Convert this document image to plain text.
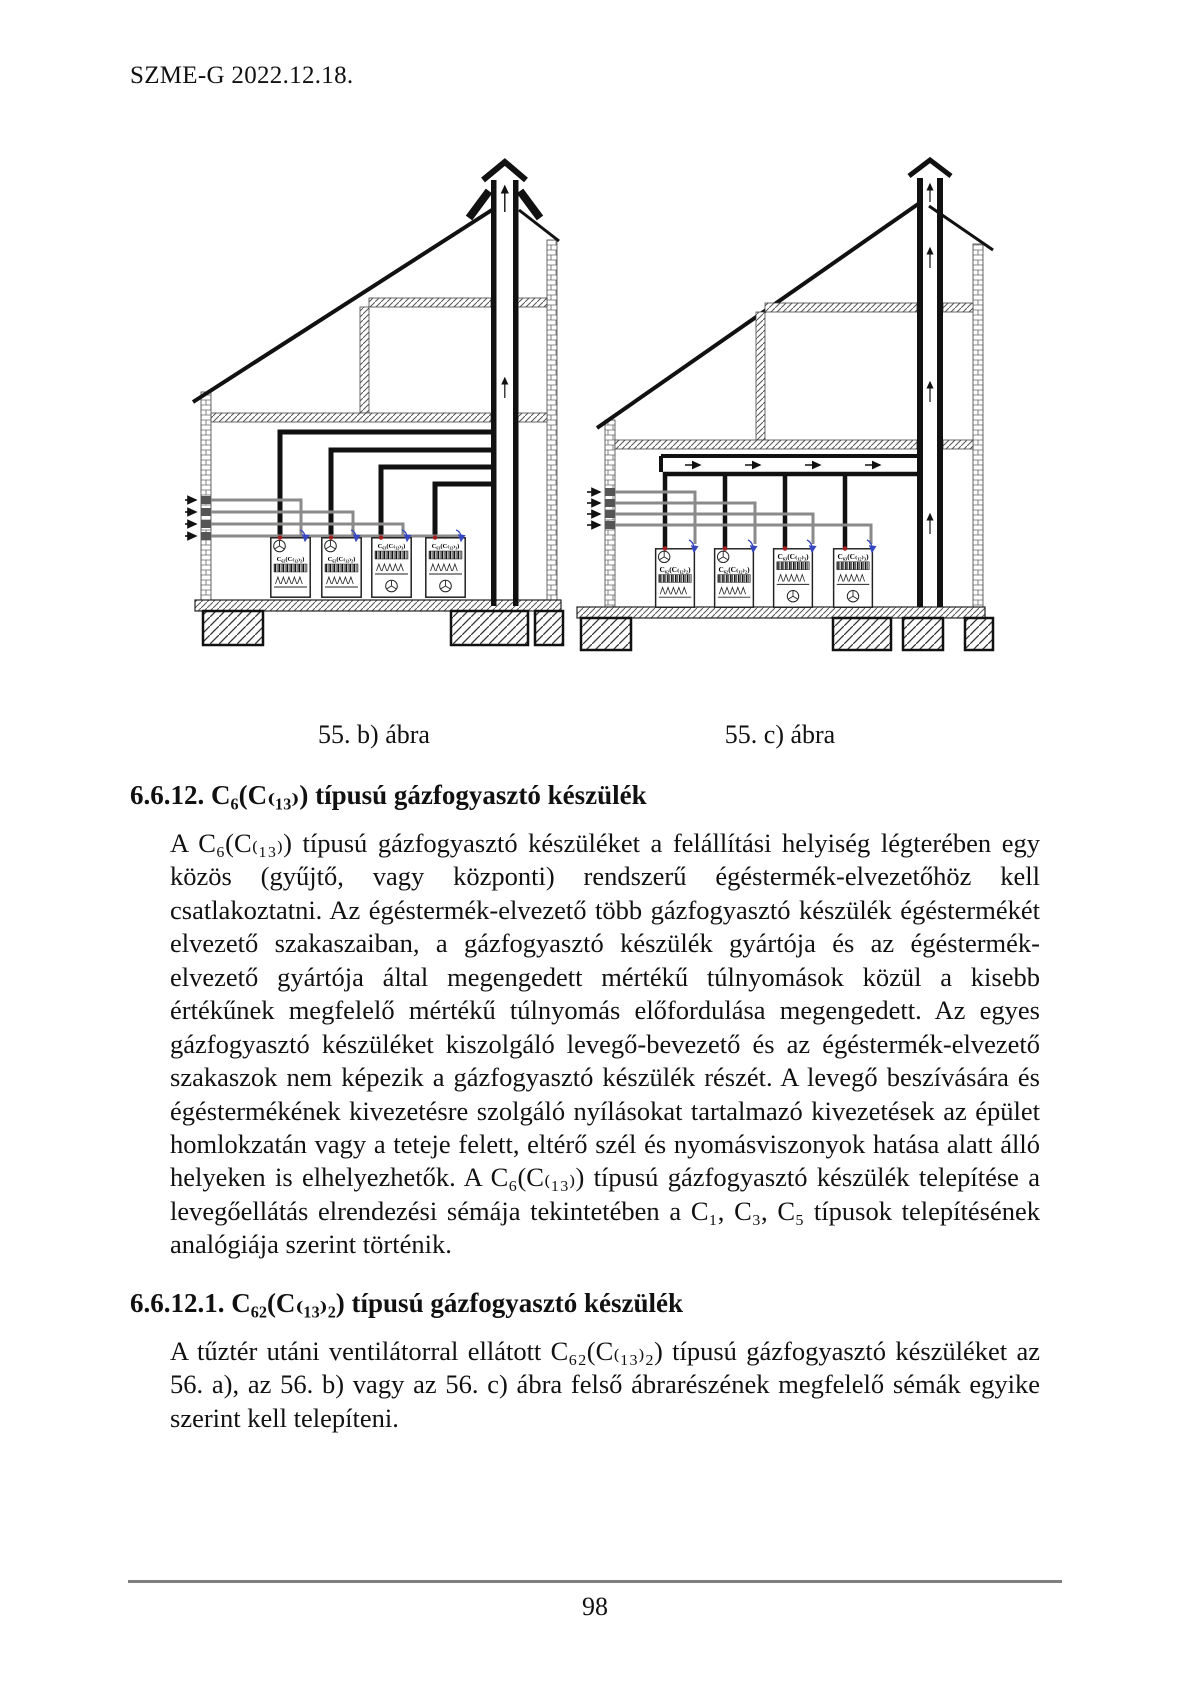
SZME-G 2022.12.18.
C₆₂(C₍₁₂₎₂)	C₆₂(C₍₁₂₎₂)
C₆₃(C₍₁₂₎₃)	C₆₃(C₍₁₂₎₃)
C₆₂(C₍₁₂₎₂)	C₆₂(C₍₁₂₎₂)
C₆₃(C₍₁₂₎₃)	C₆₃(C₍₁₂₎₃)
55. b) ábra	55. c) ábra
6.6.12. C₆(C₍₁₃₎) típusú gázfogyasztó készülék

A C₆(C₍₁₃₎) típusú gázfogyasztó készüléket a felállítási helyiség légterében egy közös (gyűjtő, vagy központi) rendszerű égéstermék-elvezetőhöz kell csatlakoztatni. Az égéstermék-elvezető több gázfogyasztó készülék égéstermékét elvezető szakaszaiban, a gázfogyasztó készülék gyártója és az égéstermék-elvezető gyártója által megengedett mértékű túlnyomások közül a kisebb értékűnek megfelelő mértékű túlnyomás előfordulása megengedett. Az egyes gázfogyasztó készüléket kiszolgáló levegő-bevezető és az égéstermék-elvezető szakaszok nem képezik a gázfogyasztó készülék részét. A levegő beszívására és égéstermékének kivezetésre szolgáló nyílásokat tartalmazó kivezetések az épület homlokzatán vagy a teteje felett, eltérő szél és nyomásviszonyok hatása alatt álló helyeken is elhelyezhetők. A C₆(C₍₁₃₎) típusú gázfogyasztó készülék telepítése a levegőellátás elrendezési sémája tekintetében a C₁, C₃, C₅ típusok telepítésének analógiája szerint történik.

6.6.12.1. C₆₂(C₍₁₃₎₂) típusú gázfogyasztó készülék

A tűztér utáni ventilátorral ellátott C₆₂(C₍₁₃₎₂) típusú gázfogyasztó készüléket az 56. a), az 56. b) vagy az 56. c) ábra felső ábrarészének megfelelő sémák egyike szerint kell telepíteni.

98
